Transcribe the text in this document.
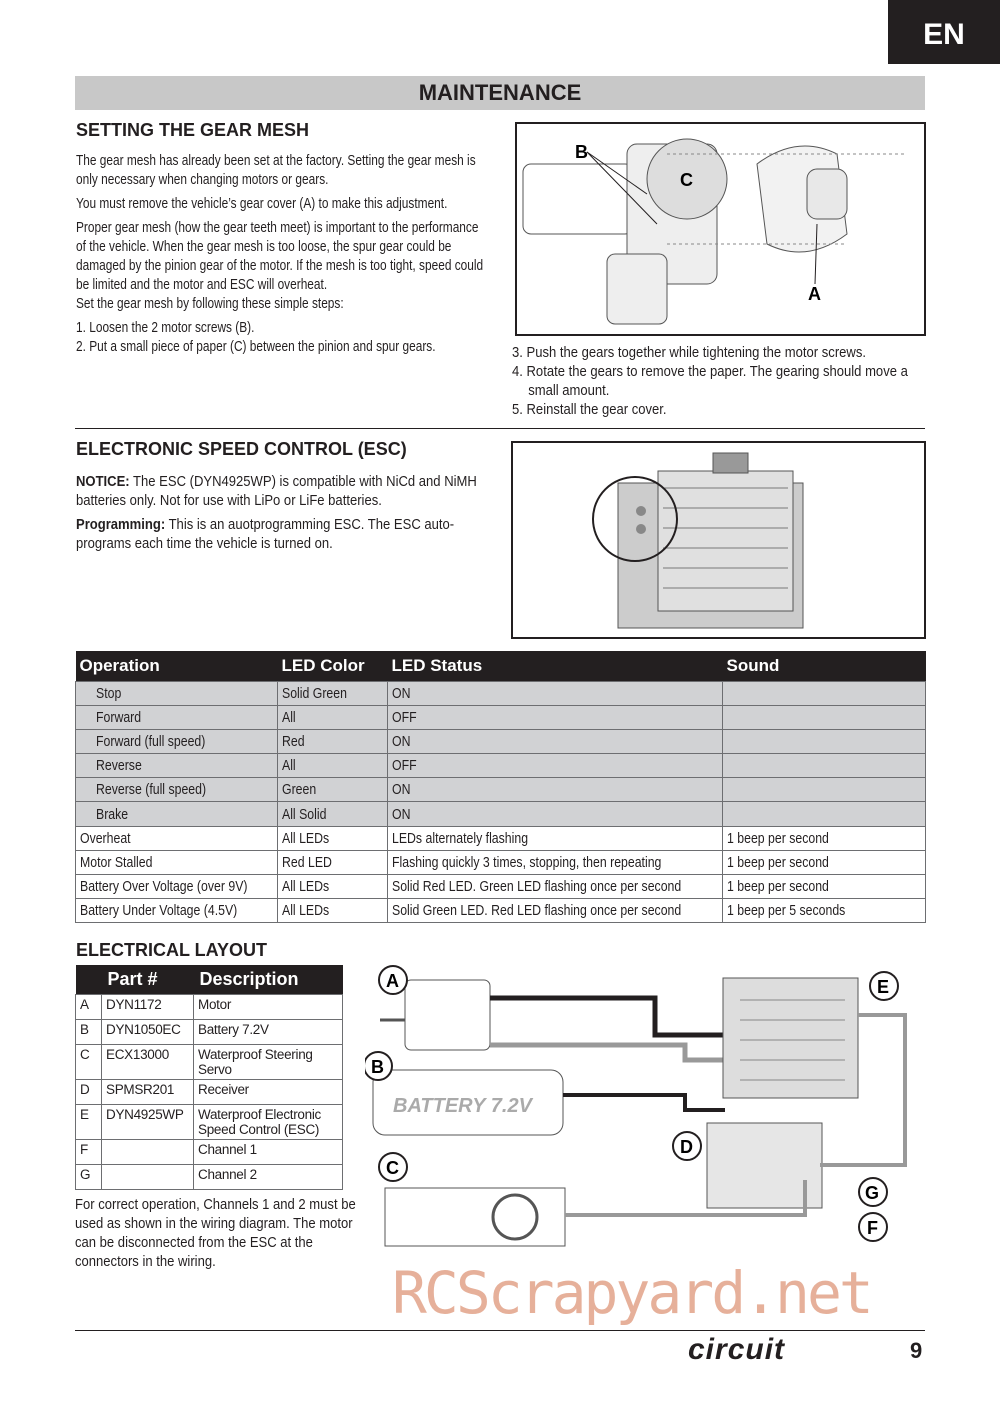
EN
MAINTENANCE
SETTING THE GEAR MESH

The gear mesh has already been set at the factory. Setting the gear mesh is only necessary when changing motors or gears.

You must remove the vehicle’s gear cover (A) to make this adjustment.

Proper gear mesh (how the gear teeth meet) is important to the performance of the vehicle. When the gear mesh is too loose, the spur gear could be damaged by the pinion gear of the motor. If the mesh is too tight, speed could be limited and the motor and ESC will overheat.

Set the gear mesh by following these simple steps:

1. Loosen the 2 motor screws (B).

2. Put a small piece of paper (C) between the pinion and spur gears.

B
C
A

3. Push the gears together while tightening the motor screws.

4. Rotate the gears to remove the paper. The gearing should move a small amount.

5. Reinstall the gear cover.

ELECTRONIC SPEED CONTROL (ESC)

NOTICE: The ESC (DYN4925WP) is compatible with NiCd and NiMH batteries only. Not for use with LiPo or LiFe batteries.

Programming: This is an auotprogramming ESC. The ESC auto-programs each time the vehicle is turned on.

Operation	LED Color	LED Status	Sound
Stop	Solid Green	ON	
Forward	All	OFF	
Forward (full speed)	Red	ON	
Reverse	All	OFF	
Reverse (full speed)	Green	ON	
Brake	All Solid	ON	
Overheat	All LEDs	LEDs alternately flashing	1 beep per second
Motor Stalled	Red LED	Flashing quickly 3 times, stopping, then repeating	1 beep per second
Battery Over Voltage (over 9V)	All LEDs	Solid Red LED. Green LED flashing once per second	1 beep per second
Battery Under Voltage (4.5V)	All LEDs	Solid Green LED. Red LED flashing once per second	1 beep per 5 seconds
ELECTRICAL LAYOUT
	Part #	Description
A	DYN1172	Motor
B	DYN1050EC	Battery 7.2V
C	ECX13000	Waterproof Steering Servo
D	SPMSR201	Receiver
E	DYN4925WP	Waterproof Electronic Speed Control (ESC)
F		Channel 1
G		Channel 2
For correct operation, Channels 1 and 2 must be used as shown in the wiring diagram. The motor can be disconnected from the ESC at the connectors in the wiring.
BATTERY 7.2V
A
B
C
D
E
F
G
RCScrapyard.net
circuit	9
